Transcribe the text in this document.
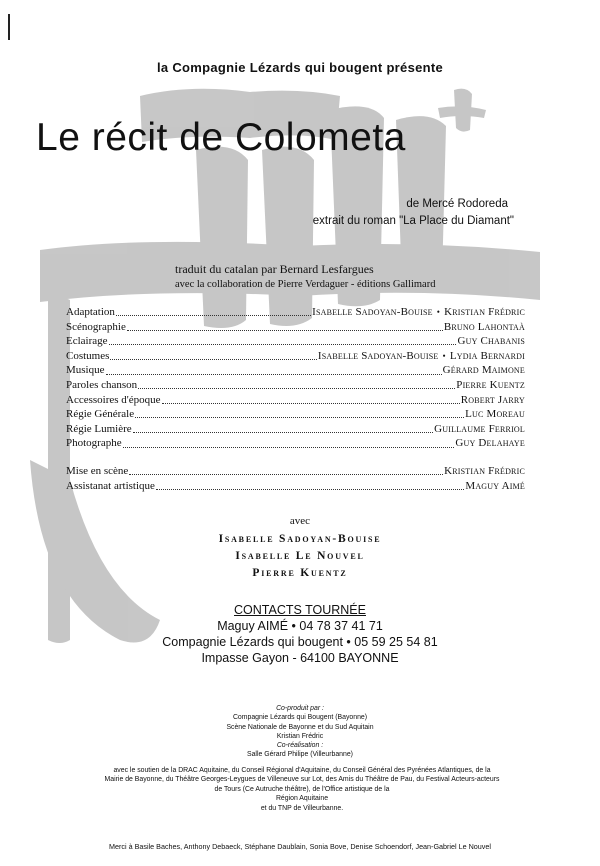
la Compagnie Lézards qui bougent présente
Le récit de Colometa
de Mercé Rodoreda
extrait du roman "La Place du Diamant"
traduit du catalan par Bernard Lesfargues
avec la collaboration de Pierre Verdaguer - éditions Gallimard
Adaptation	Isabelle Sadoyan-Bouise • Kristian Frédric
Scénographie	Bruno Lahontaà
Eclairage	Guy Chabanis
Costumes	Isabelle Sadoyan-Bouise • Lydia Bernardi
Musique	Gérard Maimone
Paroles chanson	Pierre Kuentz
Accessoires d'époque	Robert Jarry
Régie Générale	Luc Moreau
Régie Lumière	Guillaume Ferriol
Photographe	Guy Delahaye
Mise en scène	Kristian Frédric
Assistanat artistique	Maguy Aimé
avec
Isabelle Sadoyan-Bouise
Isabelle Le Nouvel
Pierre Kuentz
CONTACTS TOURNÉE
Maguy AIMÉ • 04 78 37 41 71
Compagnie Lézards qui bougent • 05 59 25 54 81
Impasse Gayon - 64100 BAYONNE
Co-produit par :
Compagnie Lézards qui Bougent (Bayonne)
Scène Nationale de Bayonne et du Sud Aquitain
Kristian Frédric
Co-réalisation :
Salle Gérard Philipe (Villeurbanne)
avec le soutien de la DRAC Aquitaine, du Conseil Régional d'Aquitaine, du Conseil Général des Pyrénées Atlantiques, de la
Mairie de Bayonne, du Théâtre Georges-Leygues de Villeneuve sur Lot, des Amis du Théâtre de Pau, du Festival Acteurs-acteurs
de Tours (Ce Autruche théâtre), de l'Office artistique de la
Région Aquitaine
et du TNP de Villeurbanne.
Merci à Basile Baches, Anthony Debaeck, Stéphane Daublain, Sonia Bove, Denise Schoendorf, Jean-Gabriel Le Nouvel
